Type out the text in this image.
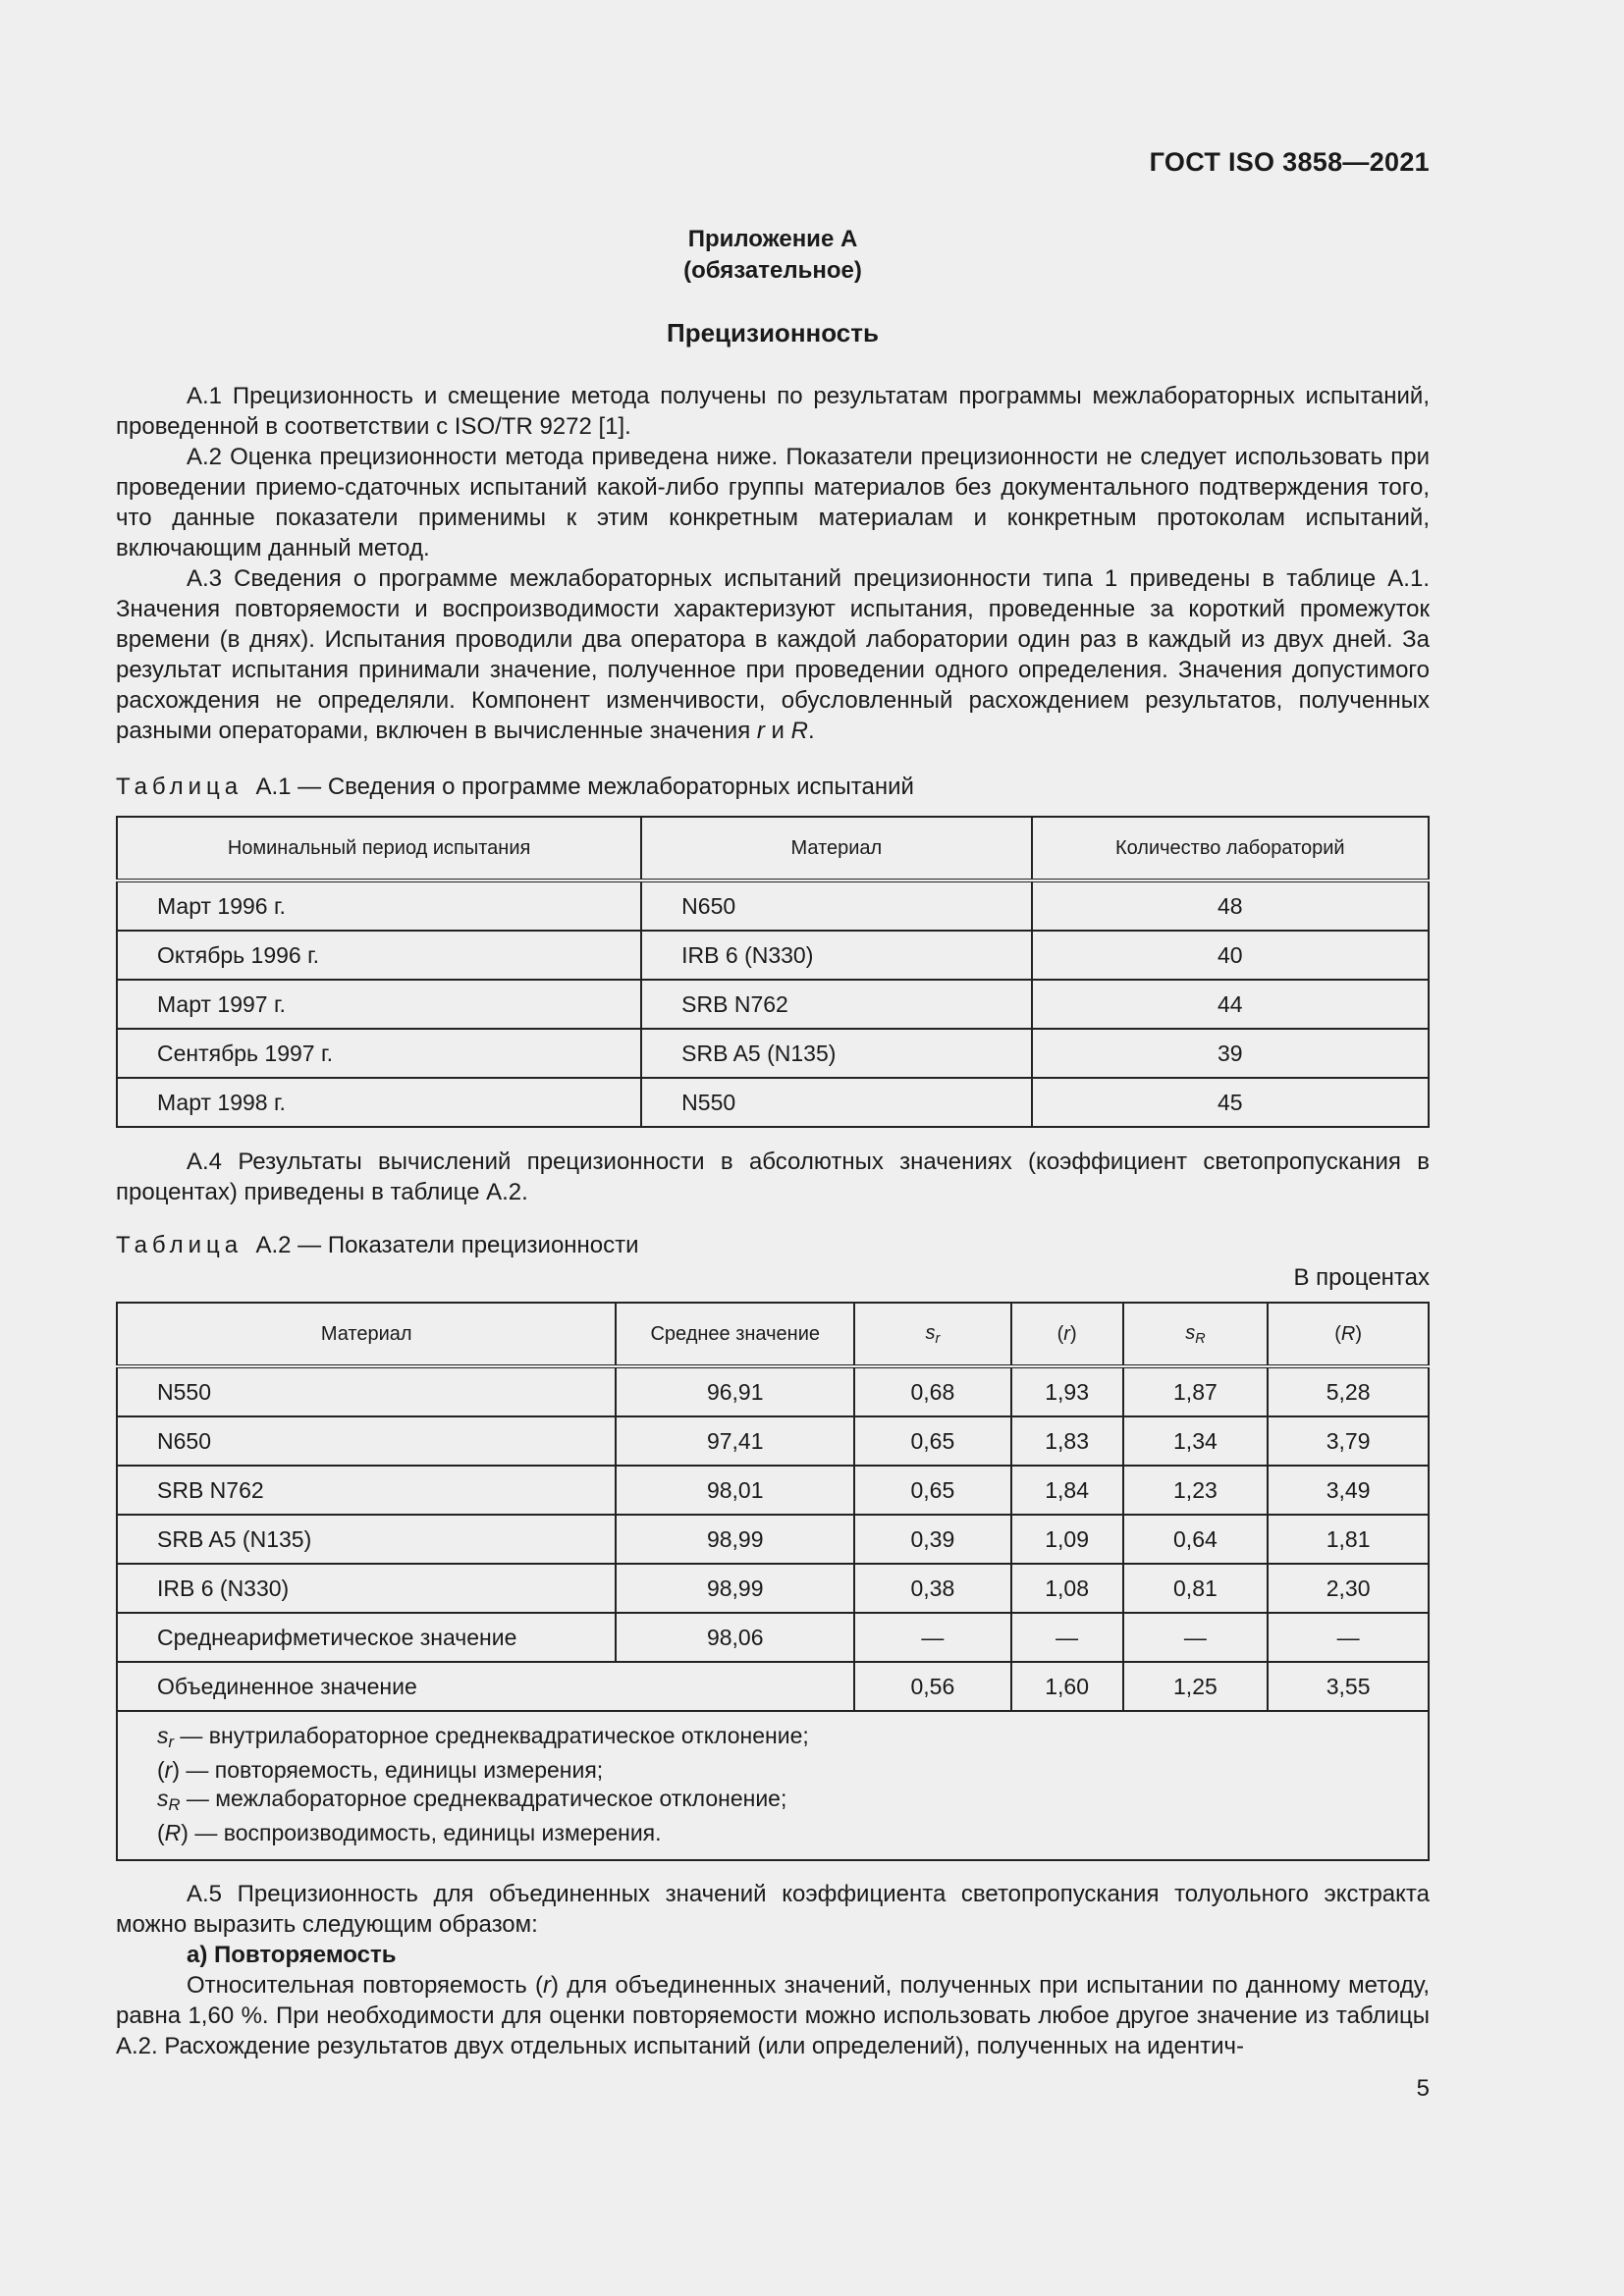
ГОСТ ISO 3858—2021
Приложение А
(обязательное)
Прецизионность

А.1 Прецизионность и смещение метода получены по результатам программы межлабораторных испытаний, проведенной в соответствии с ISO/TR 9272 [1].

А.2 Оценка прецизионности метода приведена ниже. Показатели прецизионности не следует использовать при проведении приемо-сдаточных испытаний какой-либо группы материалов без документального подтверждения того, что данные показатели применимы к этим конкретным материалам и конкретным протоколам испытаний, включающим данный метод.

А.3 Сведения о программе межлабораторных испытаний прецизионности типа 1 приведены в таблице А.1. Значения повторяемости и воспроизводимости характеризуют испытания, проведенные за короткий промежуток времени (в днях). Испытания проводили два оператора в каждой лаборатории один раз в каждый из двух дней. За результат испытания принимали значение, полученное при проведении одного определения. Значения допустимого расхождения не определяли. Компонент изменчивости, обусловленный расхождением результатов, полученных разными операторами, включен в вычисленные значения r и R.

Таблица А.1 — Сведения о программе межлабораторных испытаний

Номинальный период испытания	Материал	Количество лабораторий
Март 1996 г.	N650	48
Октябрь 1996 г.	IRB 6 (N330)	40
Март 1997 г.	SRB N762	44
Сентябрь 1997 г.	SRB A5 (N135)	39
Март 1998 г.	N550	45

А.4 Результаты вычислений прецизионности в абсолютных значениях (коэффициент светопропускания в процентах) приведены в таблице А.2.

Таблица А.2 — Показатели прецизионности

В процентах

Материал	Среднее значение	$s_r$	(r)	$s_R$	(R)
N550	96,91	0,68	1,93	1,87	5,28
N650	97,41	0,65	1,83	1,34	3,79
SRB N762	98,01	0,65	1,84	1,23	3,49
SRB A5 (N135)	98,99	0,39	1,09	0,64	1,81
IRB 6 (N330)	98,99	0,38	1,08	0,81	2,30
Среднеарифметическое значение	98,06	—	—	—	—
Объединенное значение		0,56	1,60	1,25	3,55

$s_r$ — внутрилабораторное среднеквадратическое отклонение;
(r) — повторяемость, единицы измерения;
$s_R$ — межлабораторное среднеквадратическое отклонение;
(R) — воспроизводимость, единицы измерения.					

А.5 Прецизионность для объединенных значений коэффициента светопропускания толуольного экстракта можно выразить следующим образом:

а) Повторяемость

Относительная повторяемость (r) для объединенных значений, полученных при испытании по данному методу, равна 1,60 %. При необходимости для оценки повторяемости можно использовать любое другое значение из таблицы А.2. Расхождение результатов двух отдельных испытаний (или определений), полученных на идентич-

5
